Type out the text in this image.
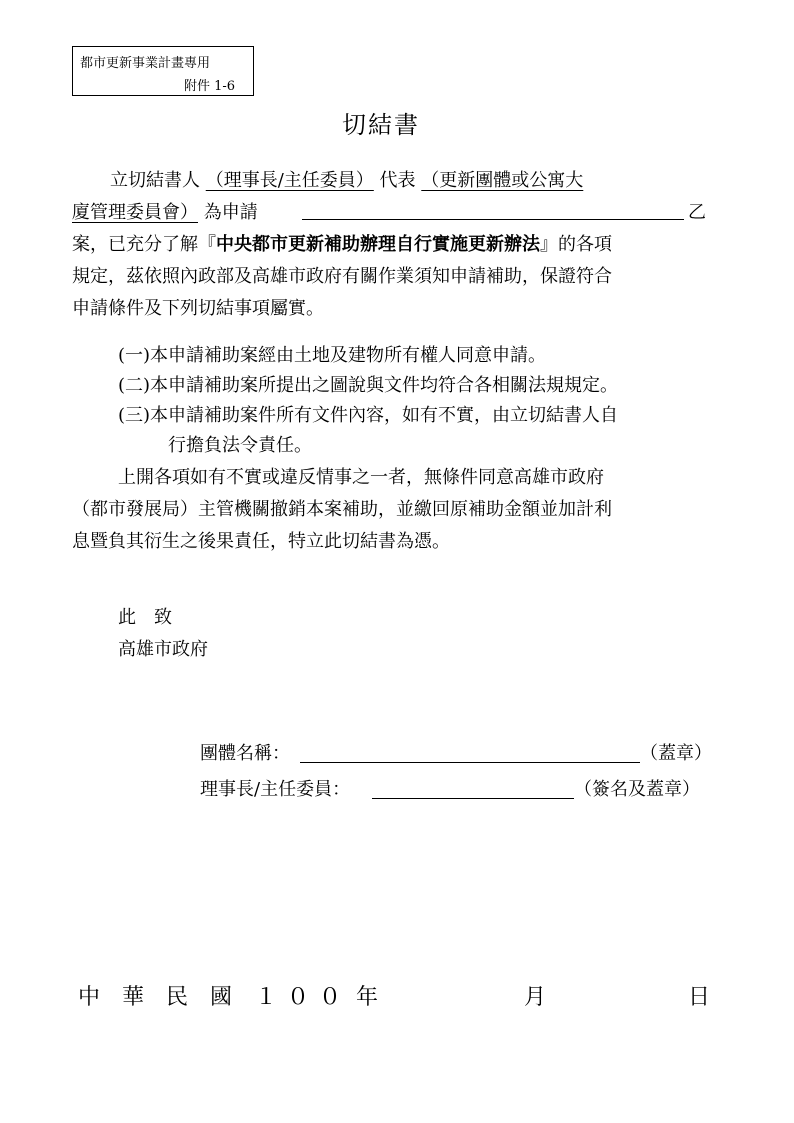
都市更新事業計畫專用
附件 1-6
切結書
立切結書人 （理事長/主任委員） 代表 （更新團體或公寓大
廈管理委員會） 為申請	乙
案，已充分了解『中央都市更新補助辦理自行實施更新辦法』的各項
規定，茲依照內政部及高雄市政府有關作業須知申請補助，保證符合
申請條件及下列切結事項屬實。
(一)本申請補助案經由土地及建物所有權人同意申請。
(二)本申請補助案所提出之圖說與文件均符合各相關法規規定。
(三)本申請補助案件所有文件內容，如有不實，由立切結書人自
行擔負法令責任。
上開各項如有不實或違反情事之一者，無條件同意高雄市政府
（都市發展局）主管機關撤銷本案補助，並繳回原補助金額並加計利
息暨負其衍生之後果責任，特立此切結書為憑。
此　致
高雄市政府
團體名稱：	（蓋章）
理事長/主任委員：	（簽名及蓋章）
中　華　民　國 １００ 年	月	日
